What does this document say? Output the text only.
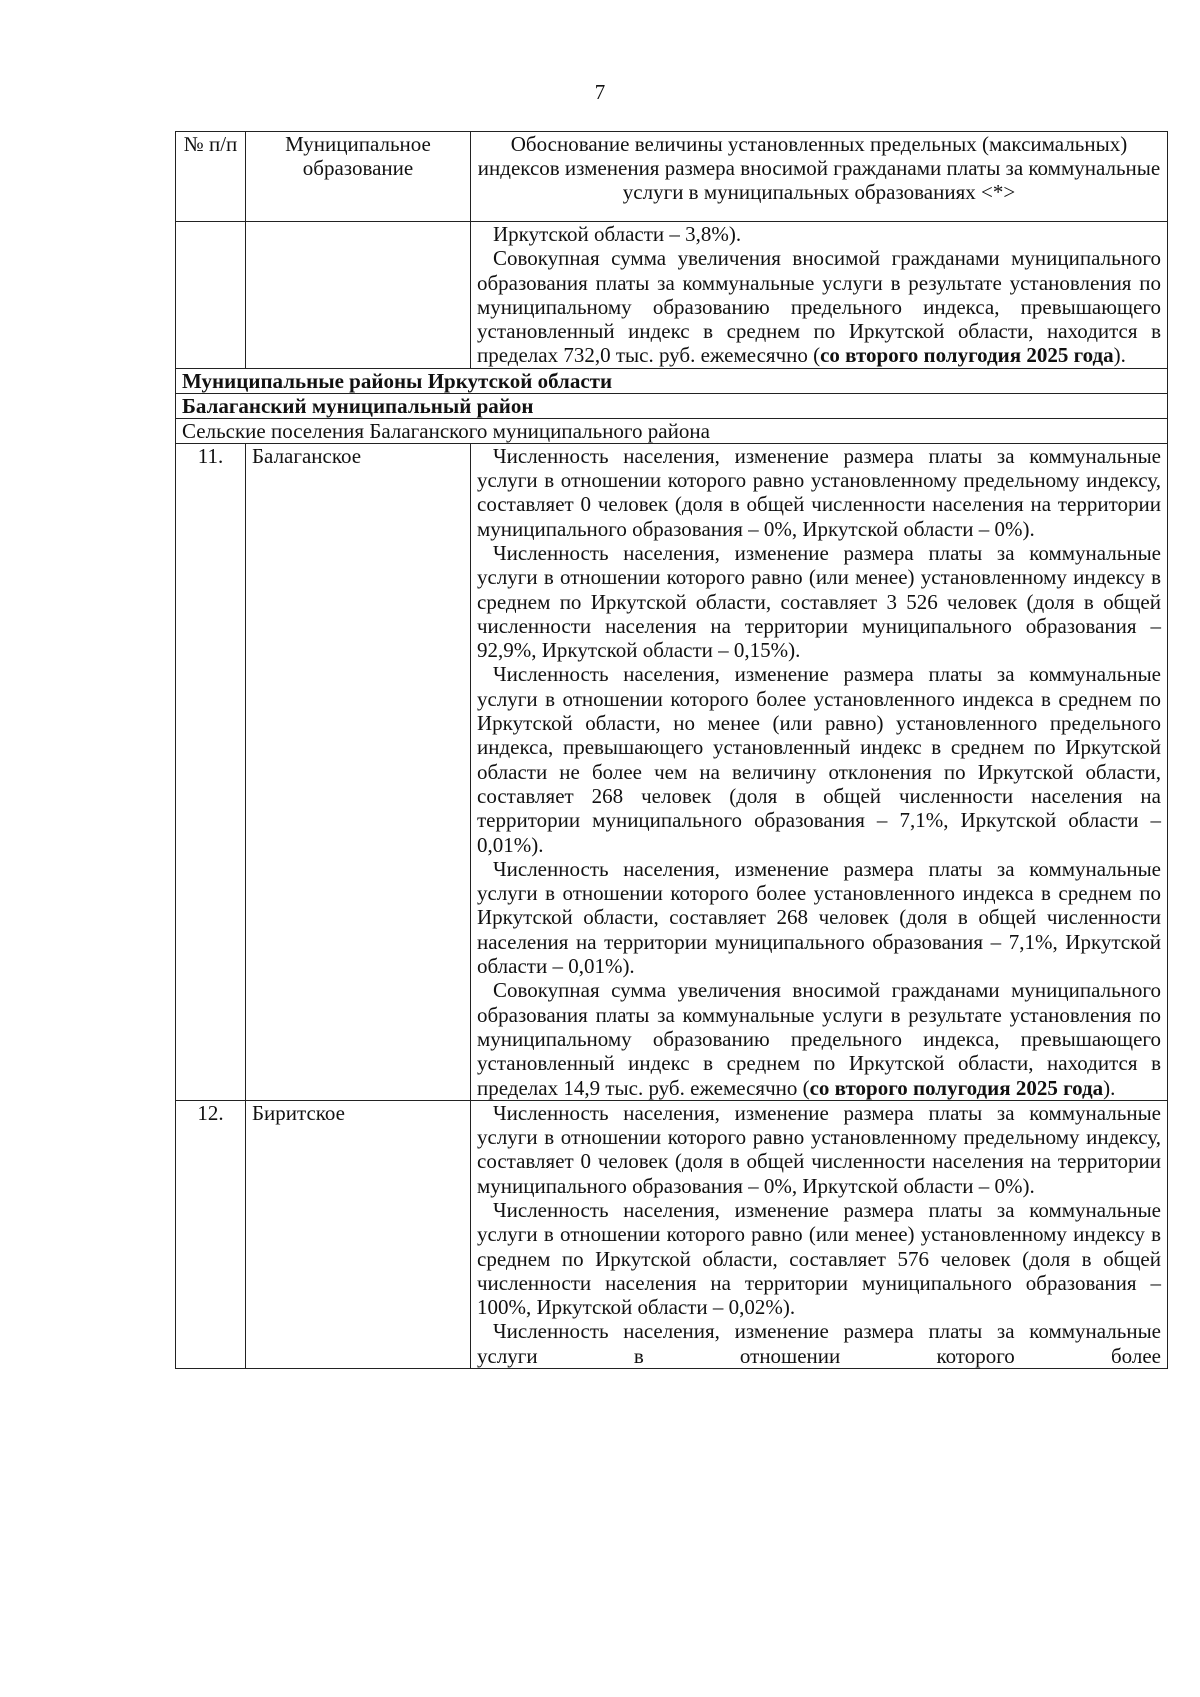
7
№ п/п	Муниципальное образование	Обоснование величины установленных предельных (максимальных) индексов изменения размера вносимой гражданами платы за коммунальные услуги в муниципальных образованиях <*>

		Иркутской области – 3,8%).

Совокупная сумма увеличения вносимой гражданами муниципального образования платы за коммунальные услуги в результате установления по муниципальному образованию предельного индекса, превышающего установленный индекс в среднем по Иркутской области, находится в пределах 732,0 тыс. руб. ежемесячно (со второго полугодия 2025 года).

Муниципальные районы Иркутской области		
Балаганский муниципальный район		
Сельские поселения Балаганского муниципального района		
11.	Балаганское	Численность населения, изменение размера платы за коммунальные услуги в отношении которого равно установленному предельному индексу, составляет 0 человек (доля в общей численности населения на территории муниципального образования – 0%, Иркутской области – 0%).

Численность населения, изменение размера платы за коммунальные услуги в отношении которого равно (или менее) установленному индексу в среднем по Иркутской области, составляет 3 526 человек (доля в общей численности населения на территории муниципального образования – 92,9%, Иркутской области – 0,15%).

Численность населения, изменение размера платы за коммунальные услуги в отношении которого более установленного индекса в среднем по Иркутской области, но менее (или равно) установленного предельного индекса, превышающего установленный индекс в среднем по Иркутской области не более чем на величину отклонения по Иркутской области, составляет 268 человек (доля в общей численности населения на территории муниципального образования – 7,1%, Иркутской области – 0,01%).

Численность населения, изменение размера платы за коммунальные услуги в отношении которого более установленного индекса в среднем по Иркутской области, составляет 268 человек (доля в общей численности населения на территории муниципального образования – 7,1%, Иркутской области – 0,01%).

Совокупная сумма увеличения вносимой гражданами муниципального образования платы за коммунальные услуги в результате установления по муниципальному образованию предельного индекса, превышающего установленный индекс в среднем по Иркутской области, находится в пределах 14,9 тыс. руб. ежемесячно (со второго полугодия 2025 года).

12.	Биритское	Численность населения, изменение размера платы за коммунальные услуги в отношении которого равно установленному предельному индексу, составляет 0 человек (доля в общей численности населения на территории муниципального образования – 0%, Иркутской области – 0%).

Численность населения, изменение размера платы за коммунальные услуги в отношении которого равно (или менее) установленному индексу в среднем по Иркутской области, составляет 576 человек (доля в общей численности населения на территории муниципального образования – 100%, Иркутской области – 0,02%).

Численность населения, изменение размера платы за коммунальные услуги в отношении которого более
